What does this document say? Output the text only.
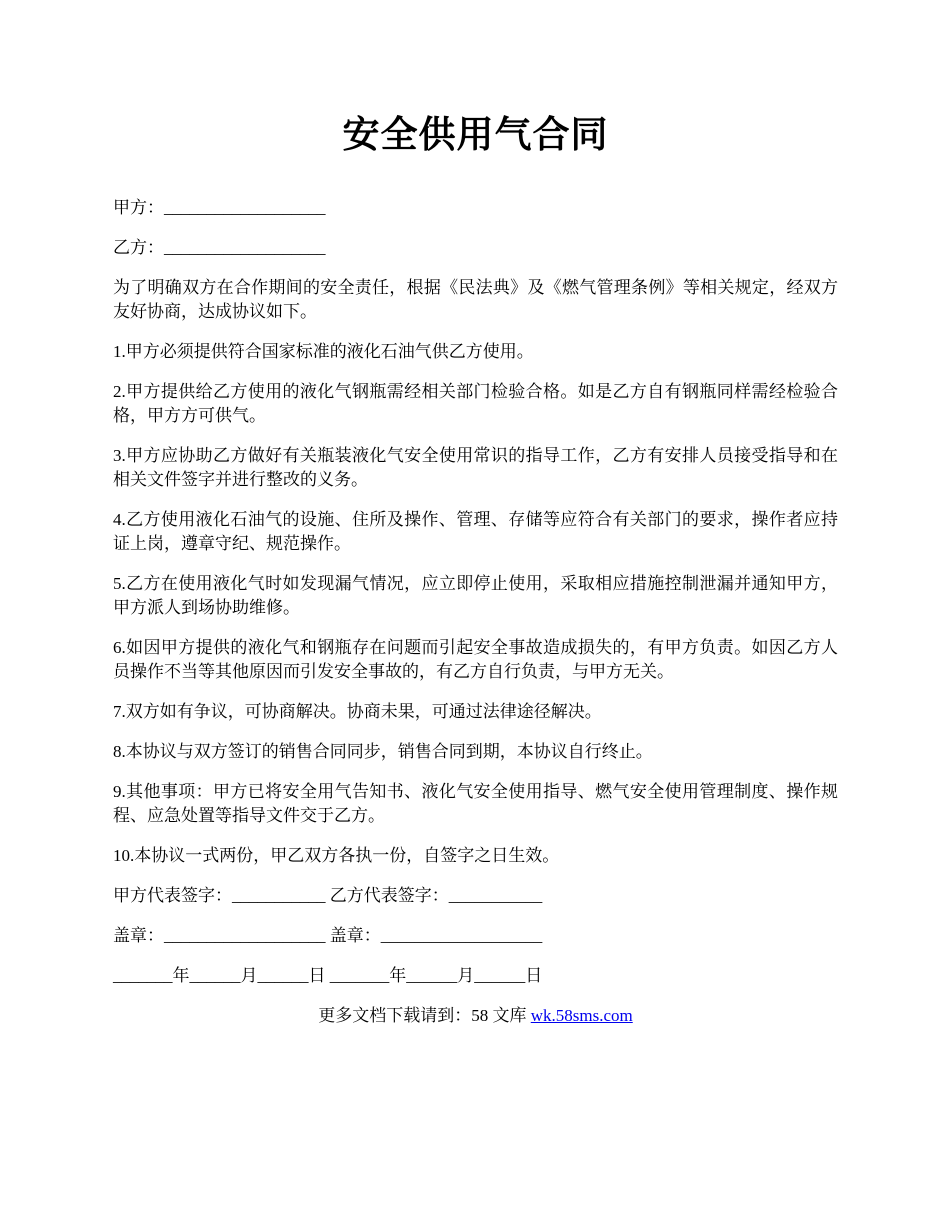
安全供用气合同

甲方：___________________

乙方：___________________

为了明确双方在合作期间的安全责任，根据《民法典》及《燃气管理条例》等相关规定，经双方友好协商，达成协议如下。

1.甲方必须提供符合国家标准的液化石油气供乙方使用。

2.甲方提供给乙方使用的液化气钢瓶需经相关部门检验合格。如是乙方自有钢瓶同样需经检验合格，甲方方可供气。

3.甲方应协助乙方做好有关瓶装液化气安全使用常识的指导工作，乙方有安排人员接受指导和在相关文件签字并进行整改的义务。

4.乙方使用液化石油气的设施、住所及操作、管理、存储等应符合有关部门的要求，操作者应持证上岗，遵章守纪、规范操作。

5.乙方在使用液化气时如发现漏气情况，应立即停止使用，采取相应措施控制泄漏并通知甲方，甲方派人到场协助维修。

6.如因甲方提供的液化气和钢瓶存在问题而引起安全事故造成损失的，有甲方负责。如因乙方人员操作不当等其他原因而引发安全事故的，有乙方自行负责，与甲方无关。

7.双方如有争议，可协商解决。协商未果，可通过法律途径解决。

8.本协议与双方签订的销售合同同步，销售合同到期，本协议自行终止。

9.其他事项：甲方已将安全用气告知书、液化气安全使用指导、燃气安全使用管理制度、操作规程、应急处置等指导文件交于乙方。

10.本协议一式两份，甲乙双方各执一份，自签字之日生效。

甲方代表签字：___________ 乙方代表签字：___________

盖章：___________________ 盖章：___________________

_______年______月______日 _______年______月______日

更多文档下载请到：58 文库 wk.58sms.com
